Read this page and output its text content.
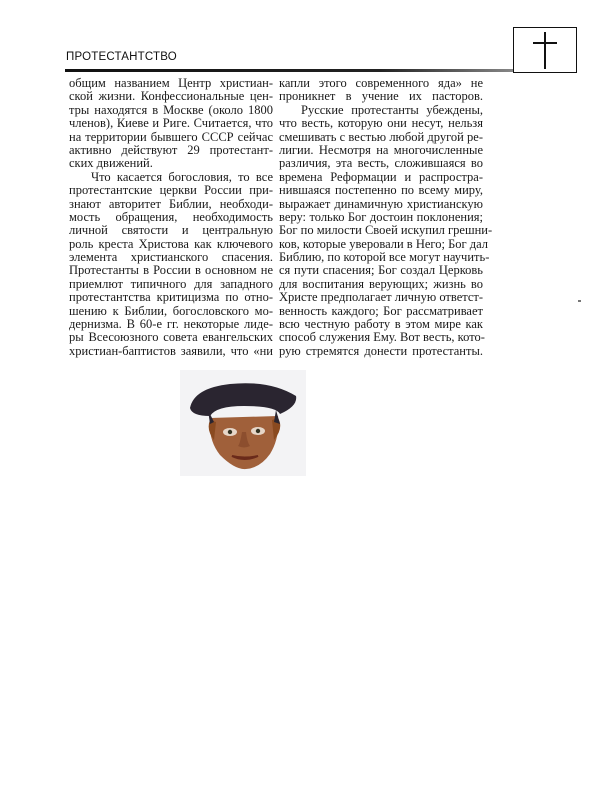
ПРОТЕСТАНТСТВО
общим названием Центр христиан-
ской жизни. Конфессиональные цен-
тры находятся в Москве (около 1800
членов), Киеве и Риге. Считается, что
на территории бывшего СССР сейчас
активно действуют 29 протестант-
ских движений.
Что касается богословия, то все
протестантские церкви России при-
знают авторитет Библии, необходи-
мость обращения, необходимость
личной святости и центральную
роль креста Христова как ключевого
элемента христианского спасения.
Протестанты в России в основном не
приемлют типичного для западного
протестантства критицизма по отно-
шению к Библии, богословского мо-
дернизма. В 60-е гг. некоторые лиде-
ры Всесоюзного совета евангельских
христиан-баптистов заявили, что «ни
капли этого современного яда» не
проникнет в учение их пасторов.
Русские протестанты убеждены,
что весть, которую они несут, нельзя
смешивать с вестью любой другой ре-
лигии. Несмотря на многочисленные
различия, эта весть, сложившаяся во
времена Реформации и распростра-
нившаяся постепенно по всему миру,
выражает динамичную христианскую
веру: только Бог достоин поклонения;
Бог по милости Своей искупил грешни-
ков, которые уверовали в Него; Бог дал
Библию, по которой все могут научить-
ся пути спасения; Бог создал Церковь
для воспитания верующих; жизнь во
Христе предполагает личную ответст-
венность каждого; Бог рассматривает
всю честную работу в этом мире как
способ служения Ему. Вот весть, кото-
рую стремятся донести протестанты.
